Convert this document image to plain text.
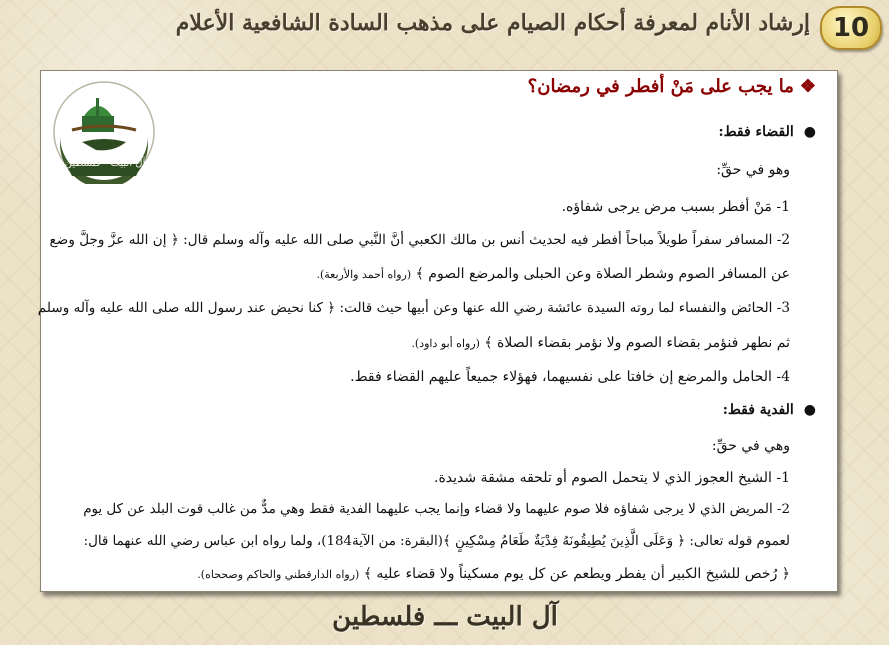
إرشاد الأنام لمعرفة أحكام الصيام على مذهب السادة الشافعية الأعلام 10
آل البيت - فلسطين
❖ما يجب على مَنْ أفطر في رمضان؟
●القضاء فقط:
وهو في حقِّ:
1- مَنْ أفطر بسبب مرض يرجى شفاؤه.
2- المسافر سفراً طويلاً مباحاً أفطر فيه لحديث أنس بن مالك الكعبي أنَّ النَّبي صلى الله عليه وآله وسلم قال: ﴿ إن الله عزَّ وجلَّ وضع
عن المسافر الصوم وشطر الصلاة وعن الحبلى والمرضع الصوم ﴾ (رواه أحمد والأربعة).
3- الحائض والنفساء لما روته السيدة عائشة رضي الله عنها وعن أبيها حيث قالت: ﴿ كنا نحيض عند رسول الله صلى الله عليه وآله وسلم
ثم نطهر فنؤمر بقضاء الصوم ولا نؤمر بقضاء الصلاة ﴾ (رواه أبو داود).
4- الحامل والمرضع إن خافتا على نفسيهما، فهؤلاء جميعاً عليهم القضاء فقط.
●الفدية فقط:
وهي في حقِّ:
1- الشيخ العجوز الذي لا يتحمل الصوم أو تلحقه مشقة شديدة.
2- المريض الذي لا يرجى شفاؤه فلا صوم عليهما ولا قضاء وإنما يجب عليهما الفدية فقط وهي مدٌّ من غالب قوت البلد عن كل يوم
لعموم قوله تعالى: ﴿ وَعَلَى الَّذِينَ يُطِيقُونَهُ فِدْيَةٌ طَعَامُ مِسْكِينٍ ﴾(البقرة: من الآية184)، ولما رواه ابن عباس رضي الله عنهما قال:
﴿ رُخص للشيخ الكبير أن يفطر ويطعم عن كل يوم مسكيناً ولا قضاء عليه ﴾ (رواه الدارقطني والحاكم وصححاه).
آل البيت ـــ فلسطين
